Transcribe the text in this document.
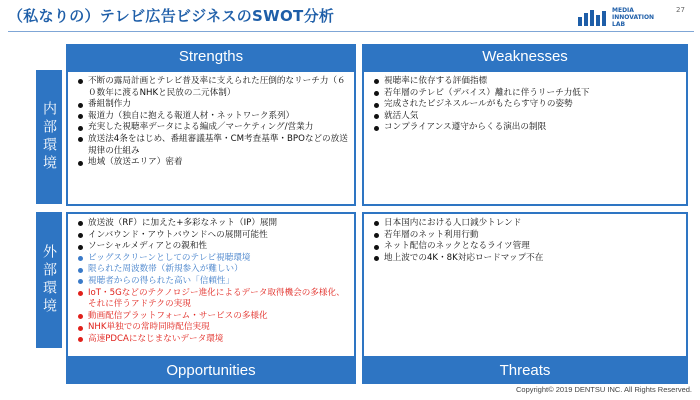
（私なりの）テレビ広告ビジネスのSWOT分析	MEDIA
INNOVATION
LAB
27
内部環境
外部環境
Strengths
不断の露局計画とテレビ普及率に支えられた圧倒的なリーチ力（６０数年に渡るNHKと民放の二元体制）
番組制作力
報道力（独自に抱える報道人材・ネットワーク系列）
充実した視聴率データによる編成／マーケティング/営業力
放送法4条をはじめ、番組審議基準・CM考査基準・BPOなどの放送規律の仕組み
地域（放送エリア）密着
Weaknesses
視聴率に依存する評価指標
若年層のテレビ（デバイス）離れに伴うリーチ力低下
完成されたビジネスルールがもたらす守りの姿勢
就活人気
コンプライアンス遵守からくる演出の制限
放送波（RF）に加えた+多彩なネット（IP）展開
インバウンド・アウトバウンドへの展開可能性
ソーシャルメディアとの親和性
ビッグスクリーンとしてのテレビ視聴環境
限られた周波数帯（新規参入が難しい）
視聴者からの得られた高い「信頼性」
IoT・5Gなどのテクノロジー進化によるデータ取得機会の多様化、それに伴うアドテクの実現
動画配信プラットフォーム・サービスの多様化
NHK単独での常時同時配信実現
高速PDCAになじまないデータ環境
Opportunities
日本国内における人口減少トレンド
若年層のネット利用行動
ネット配信のネックとなるライツ管理
地上波での4K・8K対応ロードマップ不在
Threats
Copyright© 2019 DENTSU INC. All Rights Reserved.
